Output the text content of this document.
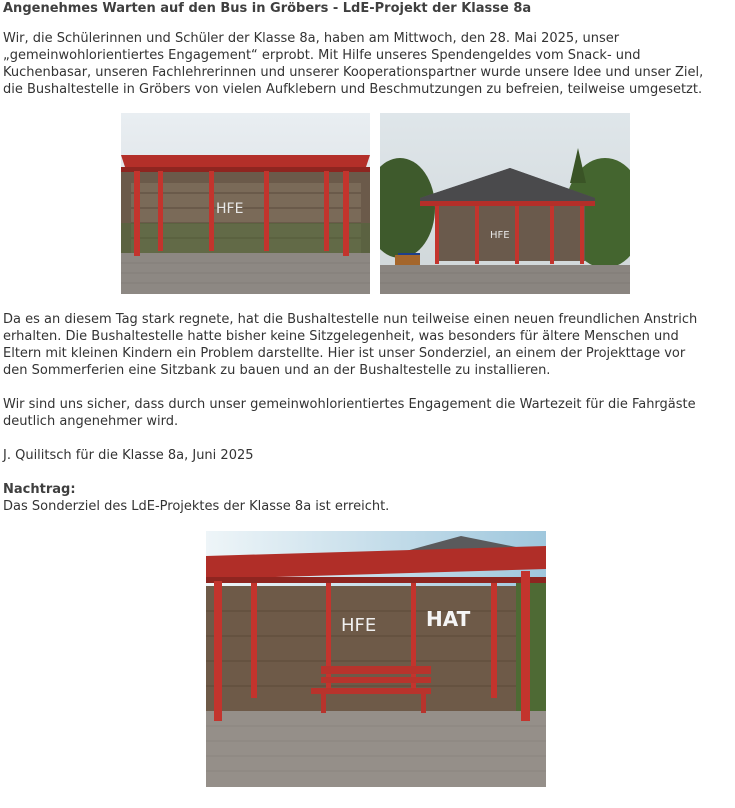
Angenehmes Warten auf den Bus in Gröbers - LdE-Projekt der Klasse 8a
Wir, die Schülerinnen und Schüler der Klasse 8a, haben am Mittwoch, den 28. Mai 2025, unser
„gemeinwohlorientiertes Engagement“ erprobt. Mit Hilfe unseres Spendengeldes vom Snack- und
Kuchenbasar, unseren Fachlehrerinnen und unserer Kooperationspartner wurde unsere Idee und unser Ziel,
die Bushaltestelle in Gröbers von vielen Aufklebern und Beschmutzungen zu befreien, teilweise umgesetzt.
HFE
HFE
Da es an diesem Tag stark regnete, hat die Bushaltestelle nun teilweise einen neuen freundlichen Anstrich
erhalten. Die Bushaltestelle hatte bisher keine Sitzgelegenheit, was besonders für ältere Menschen und
Eltern mit kleinen Kindern ein Problem darstellte. Hier ist unser Sonderziel, an einem der Projekttage vor
den Sommerferien eine Sitzbank zu bauen und an der Bushaltestelle zu installieren.
Wir sind uns sicher, dass durch unser gemeinwohlorientiertes Engagement die Wartezeit für die Fahrgäste
deutlich angenehmer wird.
J. Quilitsch für die Klasse 8a, Juni 2025
Nachtrag:
Das Sonderziel des LdE-Projektes der Klasse 8a ist erreicht.
HFE HAT
